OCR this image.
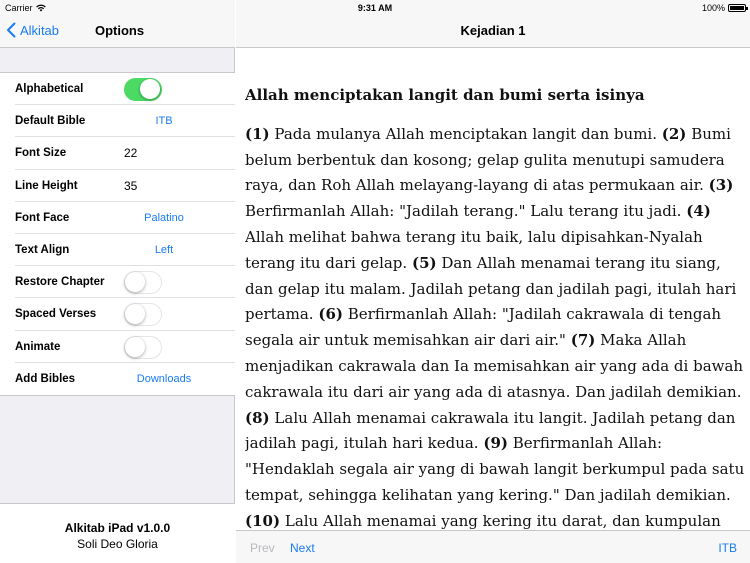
Carrier	9:31 AM	100%
Alkitab	Options
Alphabetical
Default Bible	ITB
Font Size	22
Line Height	35
Font Face	Palatino
Text Align	Left
Restore Chapter
Spaced Verses
Animate
Add Bibles	Downloads
Alkitab iPad v1.0.0
Soli Deo Gloria
Kejadian 1
Allah menciptakan langit dan bumi serta isinya
(1) Pada mulanya Allah menciptakan langit dan bumi. (2) Bumi belum berbentuk dan kosong; gelap gulita menutupi samudera raya, dan Roh Allah melayang-layang di atas permukaan air. (3) Berfirmanlah Allah: "Jadilah terang." Lalu terang itu jadi. (4) Allah melihat bahwa terang itu baik, lalu dipisahkan-Nyalah terang itu dari gelap. (5) Dan Allah menamai terang itu siang, dan gelap itu malam. Jadilah petang dan jadilah pagi, itulah hari pertama. (6) Berfirmanlah Allah: "Jadilah cakrawala di tengah segala air untuk memisahkan air dari air." (7) Maka Allah menjadikan cakrawala dan Ia memisahkan air yang ada di bawah cakrawala itu dari air yang ada di atasnya. Dan jadilah demikian. (8) Lalu Allah menamai cakrawala itu langit. Jadilah petang dan jadilah pagi, itulah hari kedua. (9) Berfirmanlah Allah: "Hendaklah segala air yang di bawah langit berkumpul pada satu tempat, sehingga kelihatan yang kering." Dan jadilah demikian. (10) Lalu Allah menamai yang kering itu darat, dan kumpulan
Prev Next	ITB
